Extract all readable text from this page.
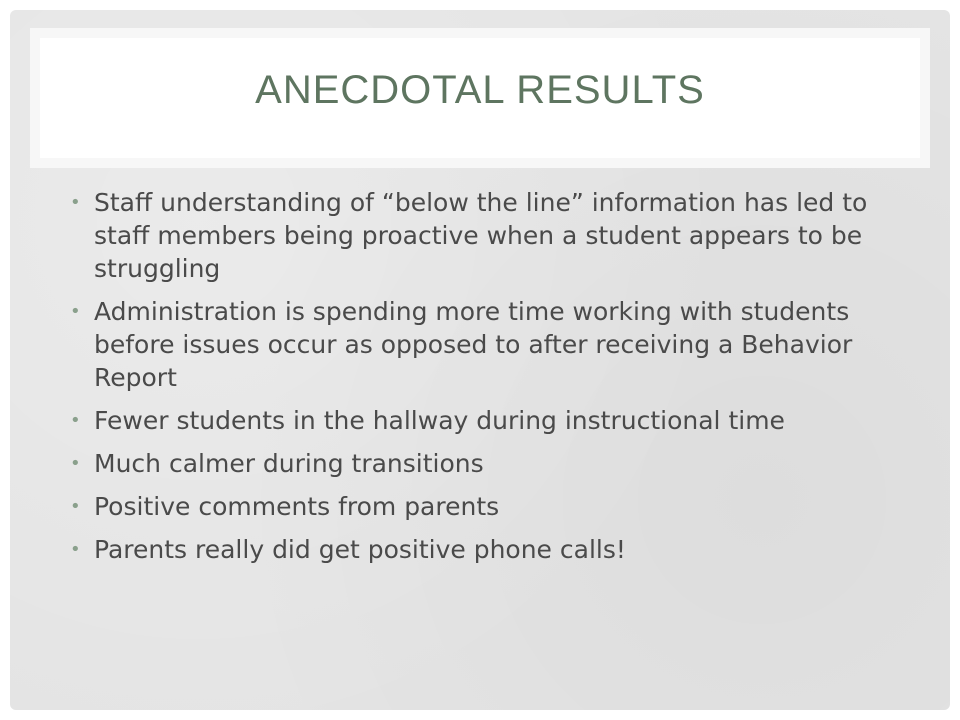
ANECDOTAL RESULTS
• Staff understanding of “below the line” information has led to staff members being proactive when a student appears to be struggling
• Administration is spending more time working with students before issues occur as opposed to after receiving a Behavior Report
• Fewer students in the hallway during instructional time
• Much calmer during transitions
• Positive comments from parents
• Parents really did get positive phone calls!
